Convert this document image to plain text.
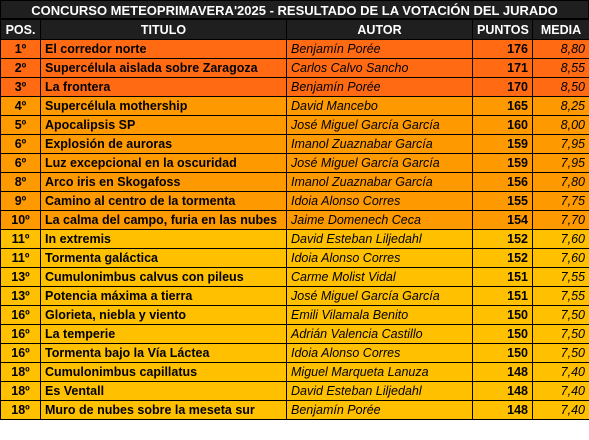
CONCURSO METEOPRIMAVERA'2025 - RESULTADO DE LA VOTACIÓN DEL JURADO
POS.	TITULO	AUTOR	PUNTOS	MEDIA
1º	El corredor norte	Benjamín Porée	176	8,80
2º	Supercélula aislada sobre Zaragoza	Carlos Calvo Sancho	171	8,55
3º	La frontera	Benjamín Porée	170	8,50
4º	Supercélula mothership	David Mancebo	165	8,25
5º	Apocalipsis SP	José Miguel García García	160	8,00
6º	Explosión de auroras	Imanol Zuaznabar García	159	7,95
6º	Luz excepcional en la oscuridad	José Miguel García García	159	7,95
8º	Arco iris en Skogafoss	Imanol Zuaznabar García	156	7,80
9º	Camino al centro de la tormenta	Idoia Alonso Corres	155	7,75
10º	La calma del campo, furia en las nubes	Jaime Domenech Ceca	154	7,70
11º	In extremis	David Esteban Liljedahl	152	7,60
11º	Tormenta galáctica	Idoia Alonso Corres	152	7,60
13º	Cumulonimbus calvus con pileus	Carme Molist Vidal	151	7,55
13º	Potencia máxima a tierra	José Miguel García García	151	7,55
16º	Glorieta, niebla y viento	Emili Vilamala Benito	150	7,50
16º	La temperie	Adrián Valencia Castillo	150	7,50
16º	Tormenta bajo la Vía Láctea	Idoia Alonso Corres	150	7,50
18º	Cumulonimbus capillatus	Miguel Marqueta Lanuza	148	7,40
18º	Es Ventall	David Esteban Liljedahl	148	7,40
18º	Muro de nubes sobre la meseta sur	Benjamín Porée	148	7,40
